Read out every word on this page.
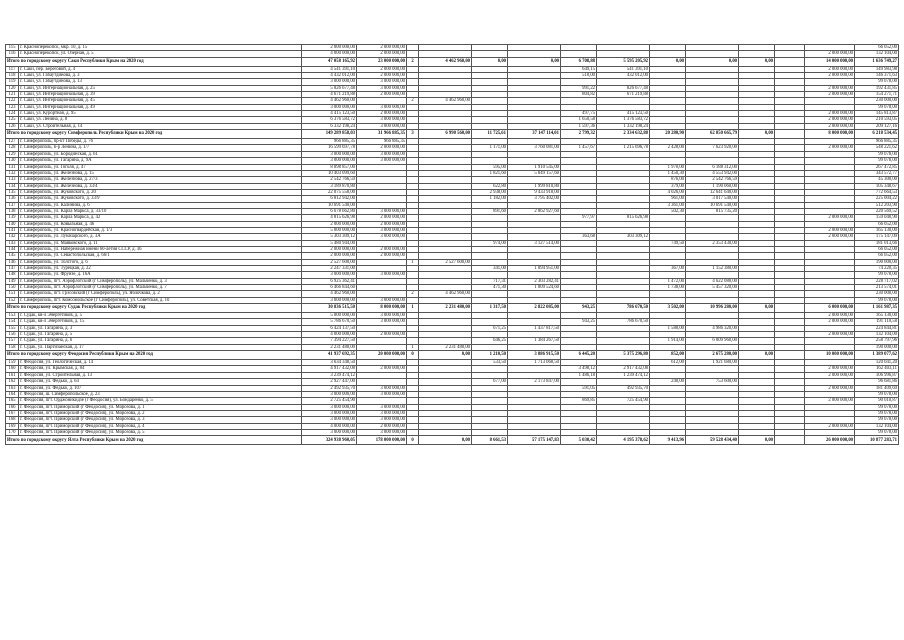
115	г. Красноперекопск, мкр. 10, д. 15	2 000 000,00	2 000 000,00												66 052,00
116	г. Красноперекопск, ул. Озерная, д. 5	4 000 000,00	2 000 000,00											2 000 000,00	132 104,00
Итого по городскому округу Саки Республики Крым на 2020 год		47 058 165,92	23 000 000,00	2	4 462 960,00	0,00	0,00	6 708,88	5 595 205,92	0,00	0,00	0,00		14 000 000,00	1 636 749,27
117	г. Саки, пер. Береговой, д. 4	4 541 391,10	2 000 000,00					649,15	541 391,10					2 000 000,00	149 983,98
118	г. Саки, ул. Габаутдинова, д. 3	4 432 012,00	2 000 000,00					518,00	432 012,00					2 000 000,00	146 371,63
119	г. Саки, ул. Габаутдинова, д. 13	3 000 000,00	3 000 000,00												99 078,00
120	г. Саки, ул. Интернациональная, д. 25	5 826 677,48	3 000 000,00					991,22	826 677,48					2 000 000,00	192 431,85
121	г. Саки, ул. Интернациональная, д. 39	4 671 219,88	2 000 000,00					804,82	671 219,88					2 000 000,00	154 271,71
122	г. Саки, ул. Интернациональная, д. 45	4 462 960,00		2	4 462 960,00										230 000,00
123	г. Саки, ул. Интернациональная, д. 49	3 000 000,00	3 000 000,00												99 078,00
124	г. Саки, ул. Курортная, д. 95	4 415 123,50	2 000 000,00					497,75	415 123,50					2 000 000,00	145 813,87
125	г. Саки, ул. Ленина, д. 8	6 376 583,72	3 000 000,00					1 650,58	1 376 583,72					2 000 000,00	210 593,05
126	г. Саки, ул. Строительная, д. 14	6 332 198,24	3 000 000,00					1 597,36	1 332 198,24					2 000 000,00	209 127,16
Итого по городскому округу Симферополь Республики Крым на 2020 год		149 289 858,03	31 966 885,35	3	6 990 560,00	11 725,61	37 147 114,01	2 799,32	2 334 632,88	20 280,90	62 850 665,79	0,00		8 000 000,00	6 218 534,45
127	г. Симферополь, пр-кт Победы, д. 76	966 885,35	966 885,35												966 885,35
128	г. Симферополь, б-р Ленина, д. 1/7	16 599 697,78	2 000 000,00			1 171,00	3 760 081,00	1 457,67	1 215 696,78	2 428,00	7 623 920,00			2 000 000,00	548 221,62
129	г. Симферополь, ул. Бородинская, д. 61	3 000 000,00	3 000 000,00												99 078,00
130	г. Симферополь, ул. Гагарина, д. 9А	3 000 000,00	3 000 000,00												99 078,00
131	г. Симферополь, ул. Гоголя, д. 47	8 098 857,00				595,00	1 910 545,00			1 970,00	6 188 312,00				267 472,85
132	г. Симферополь, ул. Железнова, д. 15	10 403 099,60				1 821,60	5 849 157,60			1 450,30	4 553 942,00				343 572,77
133	г. Симферополь, ул. Железнова, д. 27/3	2 542 766,59								876,00	2 542 766,59				45 300,00
134	г. Симферополь, ул. Железнова, д. 33/4	3 189 870,80				622,80	1 999 810,80			379,00	1 190 060,00				105 348,67
135	г. Симферополь, ул. Жуковского, д. 20	22 075 558,00				2 938,00	9 433 918,00			4 026,00	12 641 640,00				772 664,53
136	г. Симферополь, ул. Жуковского, д. 33/9	6 812 942,00				1 182,00	3 795 402,00			961,00	3 017 540,00				225 004,22
137	г. Симферополь, ул. Калинина, д. 6	10 691 540,00								3 361,00	10 691 540,00				512 203,90
138	г. Симферополь, ул. Карла Маркса, д. 33/10	6 678 662,80	3 000 000,00			891,60	2 862 927,60			502,30	815 735,20				220 569,52
139	г. Симферополь, ул. Карла Маркса, д. 42	4 815 626,98	2 000 000,00					977,97	815 626,98					2 000 000,00	159 040,90
140	г. Симферополь, ул. Ковыльная, д. 46	2 000 000,00	2 000 000,00												66 052,00
141	г. Симферополь, ул. Красногвардейская, д. 1/3	5 000 000,00	3 000 000,00											2 000 000,00	165 130,00
142	г. Симферополь, ул. Луначарского, д. 3А	5 303 309,12	3 000 000,00					363,68	303 309,12					2 000 000,00	175 147,09
143	г. Симферополь, ул. Маяковского, д. 11	5 480 944,00				974,00	3 127 514,00			749,50	2 353 430,00				181 013,66
144	г. Симферополь, ул. Набережная имени 60-летия СССР, д. 36	2 000 000,00	2 000 000,00												66 052,00
145	г. Симферополь, ул. Севастопольская, д. 66/1	2 000 000,00	2 000 000,00												66 052,00
146	г. Симферополь, ул. Толстого, д. 6	2 527 600,00		1	2 527 600,00										190 000,00
147	г. Симферополь, ул. Турецкая, д. 22	2 247 331,00				341,00	1 094 951,00			367,00	1 152 380,00				74 220,35
148	г. Симферополь, ул. Фрунзе, д. 16А	3 000 000,00	3 000 000,00												99 078,00
149	г. Симферополь, пгт. Аэрофлотский (г Симферополь), ул. Мальченко, д. 3	6 925 362,41				717,31	2 303 282,41			1 472,00	4 622 080,00				228 717,02
150	г. Симферополь, пгт. Аэрофлотский (г Симферополь), ул. Мальченко, д. 7	6 466 844,60				471,30	1 009 524,60			1 738,00	5 457 320,00				213 574,01
151	г. Симферополь, пгт. Грэсовский (г Симферополь), ул. Яблочкова, д. 2	4 462 960,00		2	4 462 960,00										230 000,00
152	г. Симферополь, пгт. Комсомольское (г Симферополь), ул. Советская, д. 10	3 000 000,00	3 000 000,00												99 078,00
Итого по городскому округу Судак Республики Крым на 2020 год		30 836 515,50	8 000 000,00	1	2 231 480,00	1 317,50	2 822 085,00	943,25	786 670,50	3 502,00	10 996 280,00	0,00		6 000 000,00	1 161 987,35
153	г. Судак, кв-л Энергетиков, д. 5	5 000 000,00	3 000 000,00											2 000 000,00	165 130,00
154	г. Судак, кв-л Энергетиков, д. 15	5 786 670,50	3 000 000,00					943,25	786 670,50					2 000 000,00	191 110,58
155	г. Судак, ул. Гагарина, д. 3	6 424 137,50				671,25	1 437 817,50			1 588,00	4 986 320,00				224 844,81
156	г. Судак, ул. Гагарина, д. 5	4 000 000,00	2 000 000,00											2 000 000,00	132 104,00
157	г. Судак, ул. Гагарина, д. 6	7 394 227,50				646,25	1 384 267,50			1 914,00	6 009 960,00				258 797,96
158	г. Судак, ул. Партизанская, д. 17	2 231 480,00		1	2 231 480,00										190 000,00
Итого по городскому округу Феодосия Республики Крым на 2020 год		41 937 692,35	20 000 000,00	0	0,00	1 210,50	3 886 915,50	6 445,20	5 375 296,80	852,00	2 675 280,00	0,00		10 000 000,00	1 389 077,62
159	г. Феодосия, ул. Геологическая, д. 14	3 634 348,50				533,50	1 713 068,50			612,00	1 921 680,00				120 041,20
160	г. Феодосия, ул. Крымская, д. 84	4 917 432,08	2 000 000,00					3 498,12	2 917 432,08					2 000 000,00	162 403,11
161	г. Феодосия, ул. Строительная, д. 13	3 239 474,12						1 486,18	1 239 474,12					2 000 000,00	106 996,87
162	г. Феодосия, ул. Федько, д. 64	2 927 447,00				677,00	2 173 847,00			240,00	753 600,00				96 681,86
163	г. Феодосия, ул. Федько, д. 107	2 492 935,70	3 000 000,00					591,05	492 935,70					2 000 000,00	181 409,69
164	г. Феодосия, ш. Симферопольское, д. 23	3 000 000,00	3 000 000,00												99 078,00
165	г. Феодосия, пгт. Орджоникидзе (г Феодосия), ул. Бондаренко, д. 5	2 725 454,90						869,85	725 454,90					2 000 000,00	90 010,87
166	г. Феодосия, пгт. Приморский (г Феодосия), ул. Морозова, д. 1	3 000 000,00	3 000 000,00												99 078,00
167	г. Феодосия, пгт. Приморский (г Феодосия), ул. Морозова, д. 2	3 000 000,00	3 000 000,00												99 078,00
168	г. Феодосия, пгт. Приморский (г Феодосия), ул. Морозова, д. 3	3 000 000,00	3 000 000,00												99 078,00
169	г. Феодосия, пгт. Приморский (г Феодосия), ул. Морозова, д. 4	4 000 000,00	2 000 000,00											2 000 000,00	132 104,00
170	г. Феодосия, пгт. Приморский (г Феодосия), ул. Морозова, д. 5	3 000 000,00	3 000 000,00												99 078,00
Итого по городскому округу Ялта Республики Крым на 2020 год		324 938 960,05	178 000 000,00	0	0,00	8 661,53	57 175 147,83	5 030,42	4 195 378,62	9 413,96	59 528 434,40	0,00		26 000 000,00	10 877 283,71
